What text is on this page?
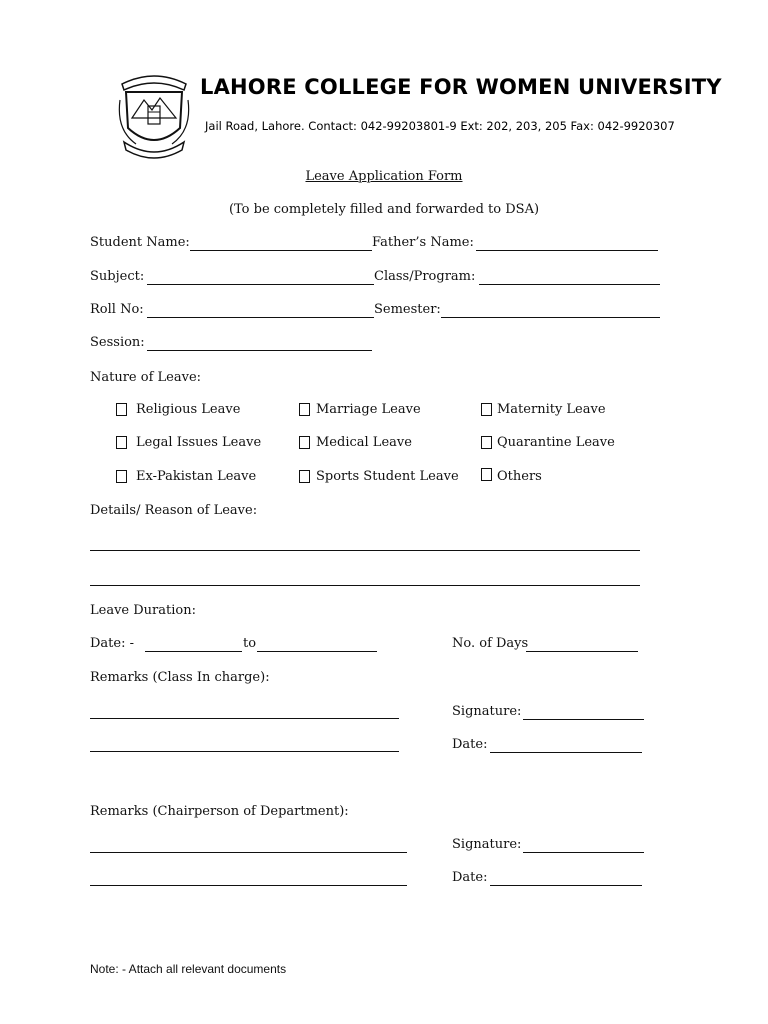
LAHORE COLLEGE FOR WOMEN UNIVERSITY
Jail Road, Lahore. Contact: 042-99203801-9 Ext: 202, 203, 205 Fax: 042-9920307
Leave Application Form
(To be completely filled and forwarded to DSA)
Student Name:	Father’s Name:
Subject:	Class/Program:
Roll No:	Semester:
Session:
Nature of Leave:
Religious Leave	Marriage Leave	Maternity Leave
Legal Issues Leave	Medical Leave	Quarantine Leave
Ex-Pakistan Leave	Sports Student Leave	Others
Details/ Reason of Leave:
Leave Duration:
Date: -	to	No. of Days
Remarks (Class In charge):
Signature:
Date:
Remarks (Chairperson of Department):
Signature:
Date:
Note: - Attach all relevant documents
